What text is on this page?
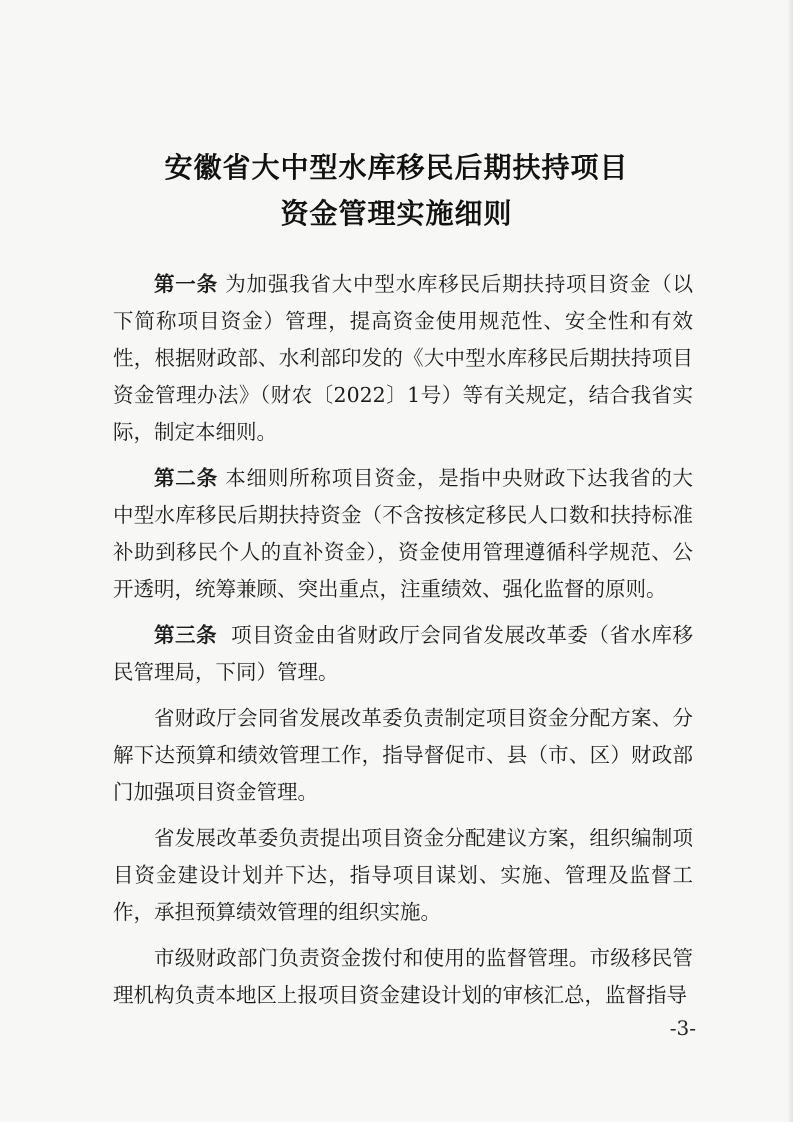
安徽省大中型水库移民后期扶持项目
资金管理实施细则

第一条 为加强我省大中型水库移民后期扶持项目资金（以下简称项目资金）管理，提高资金使用规范性、安全性和有效性，根据财政部、水利部印发的《大中型水库移民后期扶持项目资金管理办法》（财农〔2022〕1号）等有关规定，结合我省实际，制定本细则。

第二条 本细则所称项目资金，是指中央财政下达我省的大中型水库移民后期扶持资金（不含按核定移民人口数和扶持标准补助到移民个人的直补资金），资金使用管理遵循科学规范、公开透明，统筹兼顾、突出重点，注重绩效、强化监督的原则。

第三条 项目资金由省财政厅会同省发展改革委（省水库移民管理局，下同）管理。

省财政厅会同省发展改革委负责制定项目资金分配方案、分解下达预算和绩效管理工作，指导督促市、县（市、区）财政部门加强项目资金管理。

省发展改革委负责提出项目资金分配建议方案，组织编制项目资金建设计划并下达，指导项目谋划、实施、管理及监督工作，承担预算绩效管理的组织实施。

市级财政部门负责资金拨付和使用的监督管理。市级移民管理机构负责本地区上报项目资金建设计划的审核汇总，监督指导

-3-
